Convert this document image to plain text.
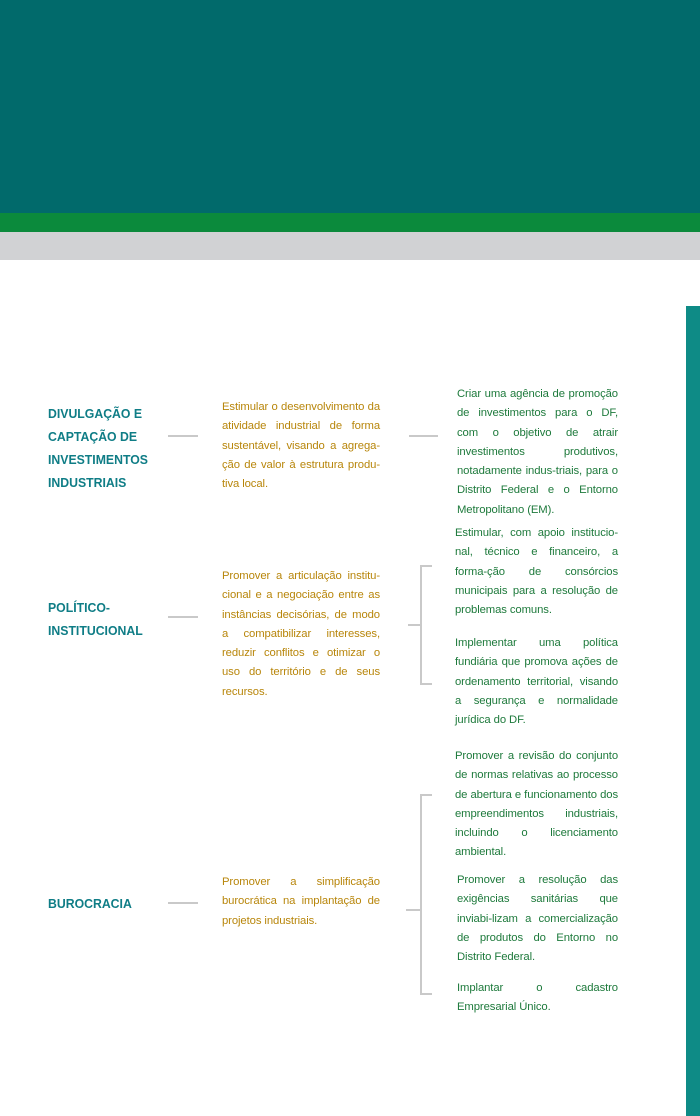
DIVULGAÇÃO E CAPTAÇÃO DE INVESTIMENTOS INDUSTRIAIS
Estimular o desenvolvimento da atividade industrial de forma sustentável, visando a agrega-ção de valor à estrutura produ-tiva local.
Criar uma agência de promoção de investimentos para o DF, com o objetivo de atrair investimentos produtivos, notadamente indus-triais, para o Distrito Federal e o Entorno Metropolitano (EM).
POLÍTICO-INSTITUCIONAL
Promover a articulação institu-cional e a negociação entre as instâncias decisórias, de modo a compatibilizar interesses, reduzir conflitos e otimizar o uso do território e de seus recursos.
Estimular, com apoio institucio-nal, técnico e financeiro, a forma-ção de consórcios municipais para a resolução de problemas comuns.
Implementar uma política fundiária que promova ações de ordenamento territorial, visando a segurança e normalidade jurídica do DF.
BUROCRACIA
Promover a simplificação burocrática na implantação de projetos industriais.
Promover a revisão do conjunto de normas relativas ao processo de abertura e funcionamento dos empreendimentos industriais, incluindo o licenciamento ambiental.
Promover a resolução das exigências sanitárias que inviabi-lizam a comercialização de produtos do Entorno no Distrito Federal.
Implantar o cadastro Empresarial Único.
